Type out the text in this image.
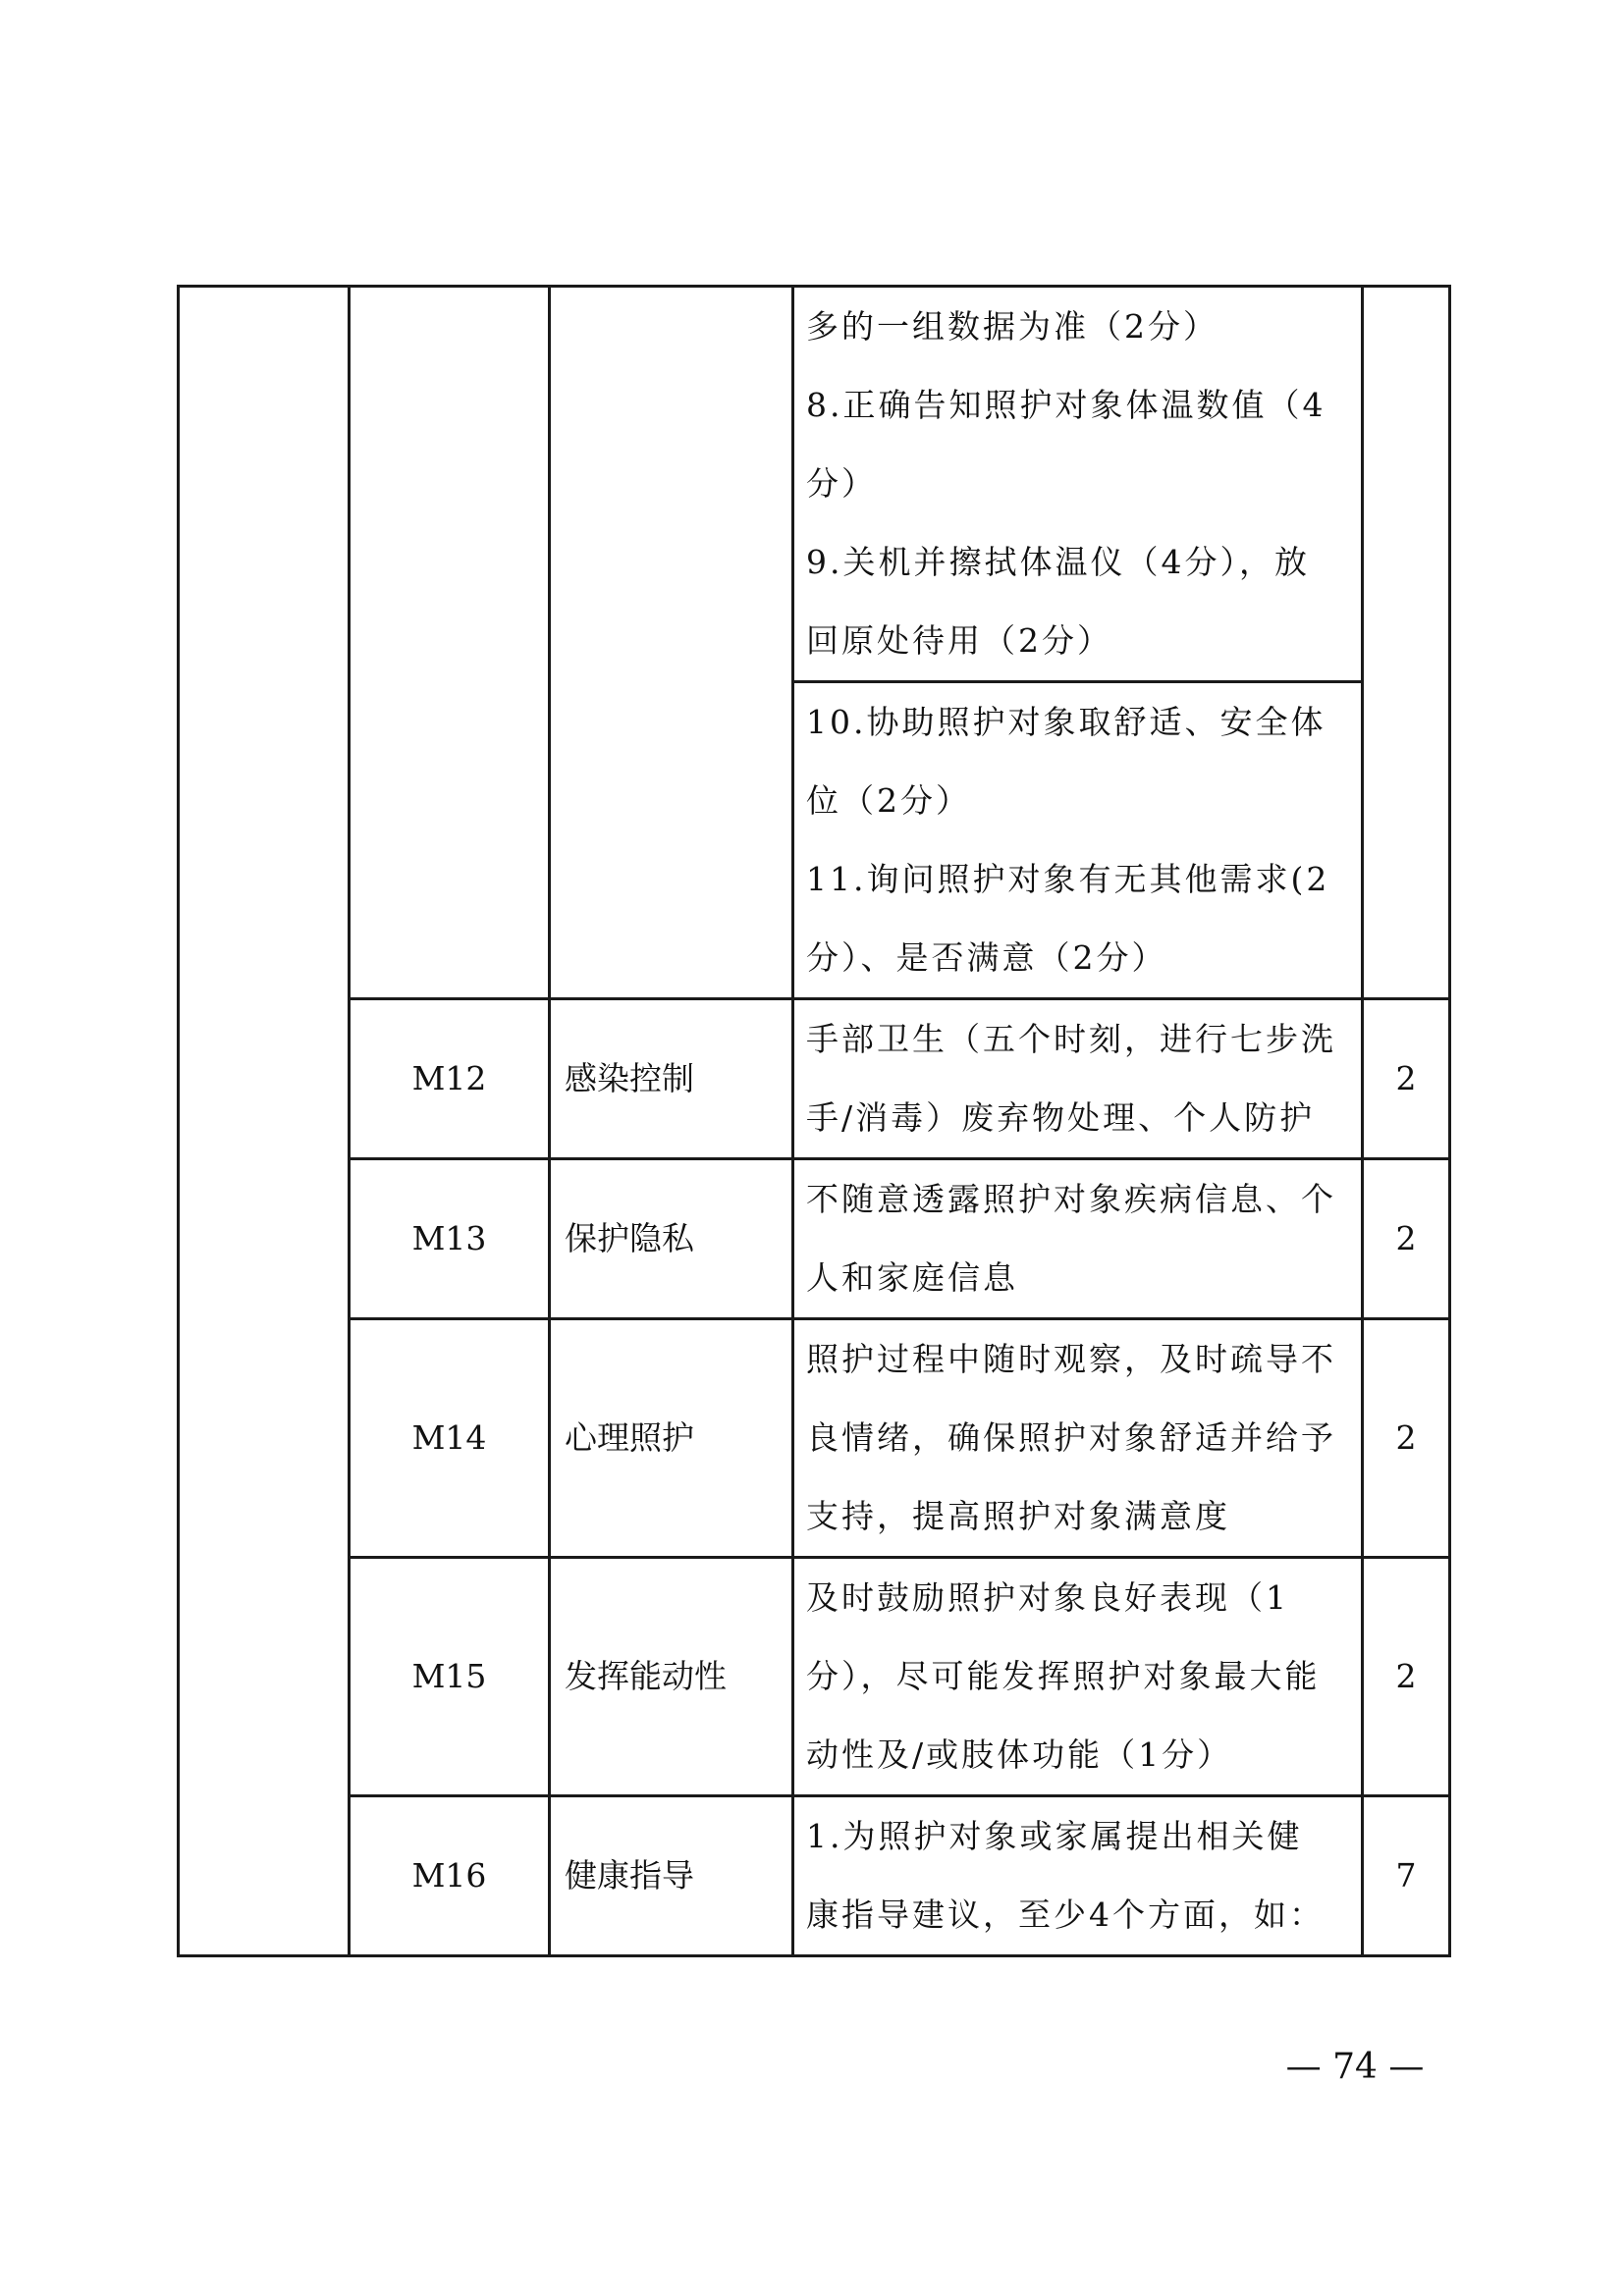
			多的一组数据为准（2分）
8.正确告知照护对象体温数值（4
分）
9.关机并擦拭体温仪（4分），放
回原处待用（2分）	

			10.协助照护对象取舒适、安全体
位（2分）
11.询问照护对象有无其他需求(2
分）、是否满意（2分）	

	M12	感染控制	手部卫生（五个时刻，进行七步洗
手/消毒）废弃物处理、个人防护	2
	M13	保护隐私	不随意透露照护对象疾病信息、个
人和家庭信息	2
	M14	心理照护	照护过程中随时观察，及时疏导不
良情绪，确保照护对象舒适并给予
支持，提高照护对象满意度	2
	M15	发挥能动性	及时鼓励照护对象良好表现（1
分），尽可能发挥照护对象最大能
动性及/或肢体功能（1分）	2
	M16	健康指导	1.为照护对象或家属提出相关健
康指导建议，至少4个方面，如：	7
— 74 —
